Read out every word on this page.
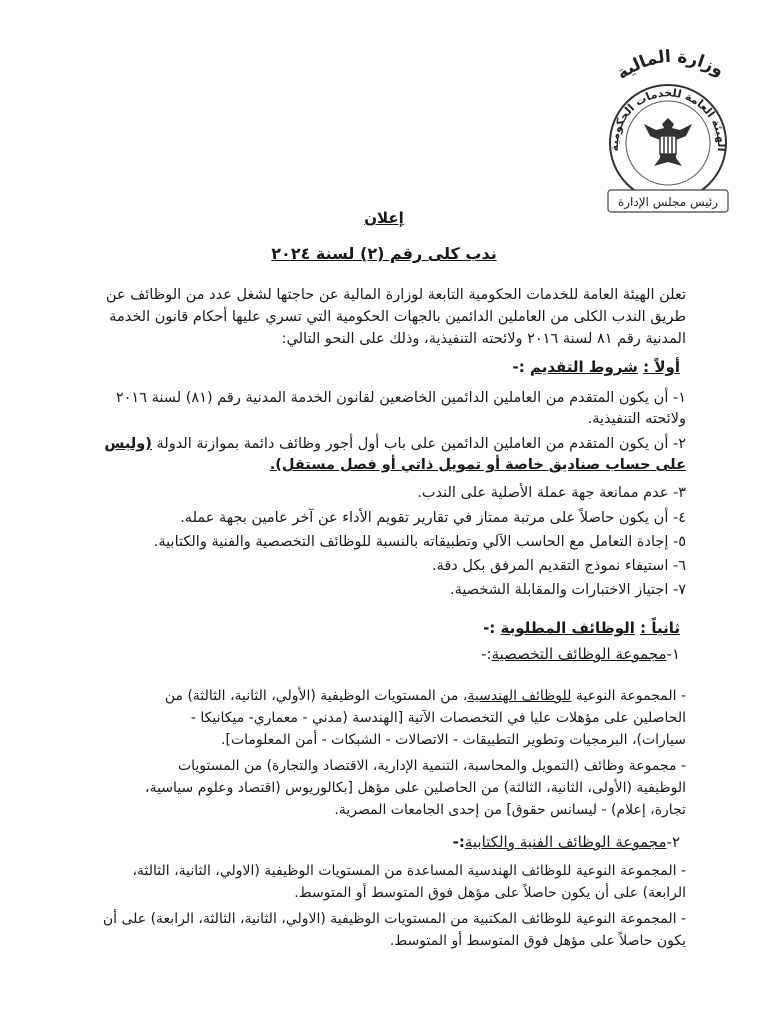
وزارة المالية
الهيئة العامة للخدمات الحكومية
رئيس مجلس الإدارة
إعلان
ندب كلى رقم (٢) لسنة ٢٠٢٤
تعلن الهيئة العامة للخدمات الحكومية التابعة لوزارة المالية عن حاجتها لشغل عدد من الوظائف عن
طريق الندب الكلى من العاملين الدائمين بالجهات الحكومية التي تسري عليها أحكام قانون الخدمة
المدنية رقم ٨١ لسنة ٢٠١٦ ولائحته التنفيذية، وذلك على النحو التالي:
أولاً : شروط التقديم :-
١- أن يكون المتقدم من العاملين الدائمين الخاضعين لقانون الخدمة المدنية رقم (٨١) لسنة ٢٠١٦
ولائحته التنفيذية.
٢- أن يكون المتقدم من العاملين الدائمين على باب أول أجور وظائف دائمة بموازنة الدولة (وليس
على حساب صناديق خاصة أو تمويل ذاتي أو فصل مستقل).
٣- عدم ممانعة جهة عملة الأصلية على الندب.
٤- أن يكون حاصلاً على مرتبة ممتاز في تقارير تقويم الأداء عن آخر عامين بجهة عمله.
٥- إجادة التعامل مع الحاسب الآلي وتطبيقاته بالنسبة للوظائف التخصصية والفنية والكتابية.
٦- استيفاء نموذج التقديم المرفق بكل دقة.
٧- اجتياز الاختبارات والمقابلة الشخصية.
ثانياً : الوظائف المطلوبة :-
١-مجموعة الوظائف التخصصية:-
- المجموعة النوعية للوظائف الهندسية، من المستويات الوظيفية (الأولي، الثانية، الثالثة) من
الحاصلين على مؤهلات عليا في التخصصات الآتية [الهندسة (مدني - معماري- ميكانيكا -
سيارات)، البرمجيات وتطوير التطبيقات - الاتصالات - الشبكات - أمن المعلومات].
- مجموعة وظائف (التمويل والمحاسبة، التنمية الإدارية، الاقتصاد والتجارة) من المستويات
الوظيفية (الأولى، الثانية، الثالثة) من الحاصلين على مؤهل [بكالوريوس (اقتصاد وعلوم سياسية،
تجارة، إعلام) - ليسانس حقوق] من إحدى الجامعات المصرية.
٢-مجموعة الوظائف الفنية والكتابية:-
- المجموعة النوعية للوظائف الهندسية المساعدة من المستويات الوظيفية (الاولي، الثانية، الثالثة،
الرابعة) على أن يكون حاصلاً على مؤهل فوق المتوسط أو المتوسط.
- المجموعة النوعية للوظائف المكتبية من المستويات الوظيفية (الاولي، الثانية، الثالثة، الرابعة) على أن
يكون حاصلاً على مؤهل فوق المتوسط أو المتوسط.
